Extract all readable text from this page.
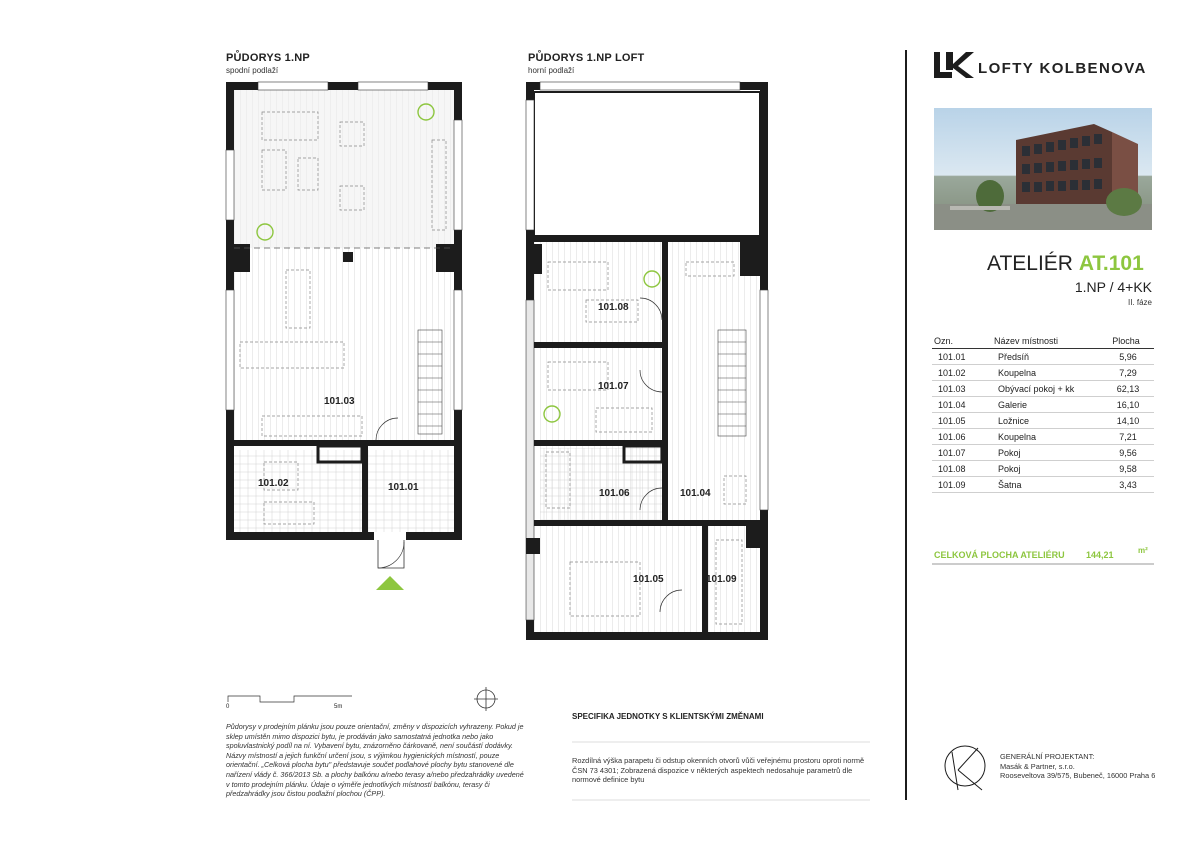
PŮDORYS 1.NP
spodní podlaží
PŮDORYS 1.NP LOFT
horní podlaží
101.03
101.02	101.01
101.08
101.07
101.06	101.04
101.05	101.09
0	5m
LOFTY KOLBENOVA
ATELIÉR AT.101
1.NP / 4+KK
II. fáze
Ozn.	Název místnosti	Plocha
101.01	Předsíň	5,96
101.02	Koupelna	7,29
101.03	Obývací pokoj + kk	62,13
101.04	Galerie	16,10
101.05	Ložnice	14,10
101.06	Koupelna	7,21
101.07	Pokoj	9,56
101.08	Pokoj	9,58
101.09	Šatna	3,43
CELKOVÁ PLOCHA ATELIÉRU 144,21	m²
Půdorysy v prodejním plánku jsou pouze orientační, změny v dispozicích vyhrazeny. Pokud je sklep umístěn mimo dispozici bytu, je prodáván jako samostatná jednotka nebo jako spoluvlastnický podíl na ní. Vybavení bytu, znázorněno čárkovaně, není součástí dodávky. Názvy místností a jejich funkční určení jsou, s výjimkou hygienických místností, pouze orientační. „Celková plocha bytu" představuje součet podlahové plochy bytu stanovené dle nařízení vlády č. 366/2013 Sb. a plochy balkónu a/nebo terasy a/nebo předzahrádky uvedené v tomto prodejním plánku. Údaje o výměře jednotlivých místností balkónu, terasy či předzahrádky jsou čistou podlažní plochou (ČPP).
SPECIFIKA JEDNOTKY S KLIENTSKÝMI ZMĚNAMI
Rozdílná výška parapetu či odstup okenních otvorů vůči veřejnému prostoru oproti normě ČSN 73 4301; Zobrazená dispozice v některých aspektech nedosahuje parametrů dle normové definice bytu
GENERÁLNÍ PROJEKTANT:
Masák & Partner, s.r.o.
Rooseveltova 39/575, Bubeneč, 16000 Praha 6
